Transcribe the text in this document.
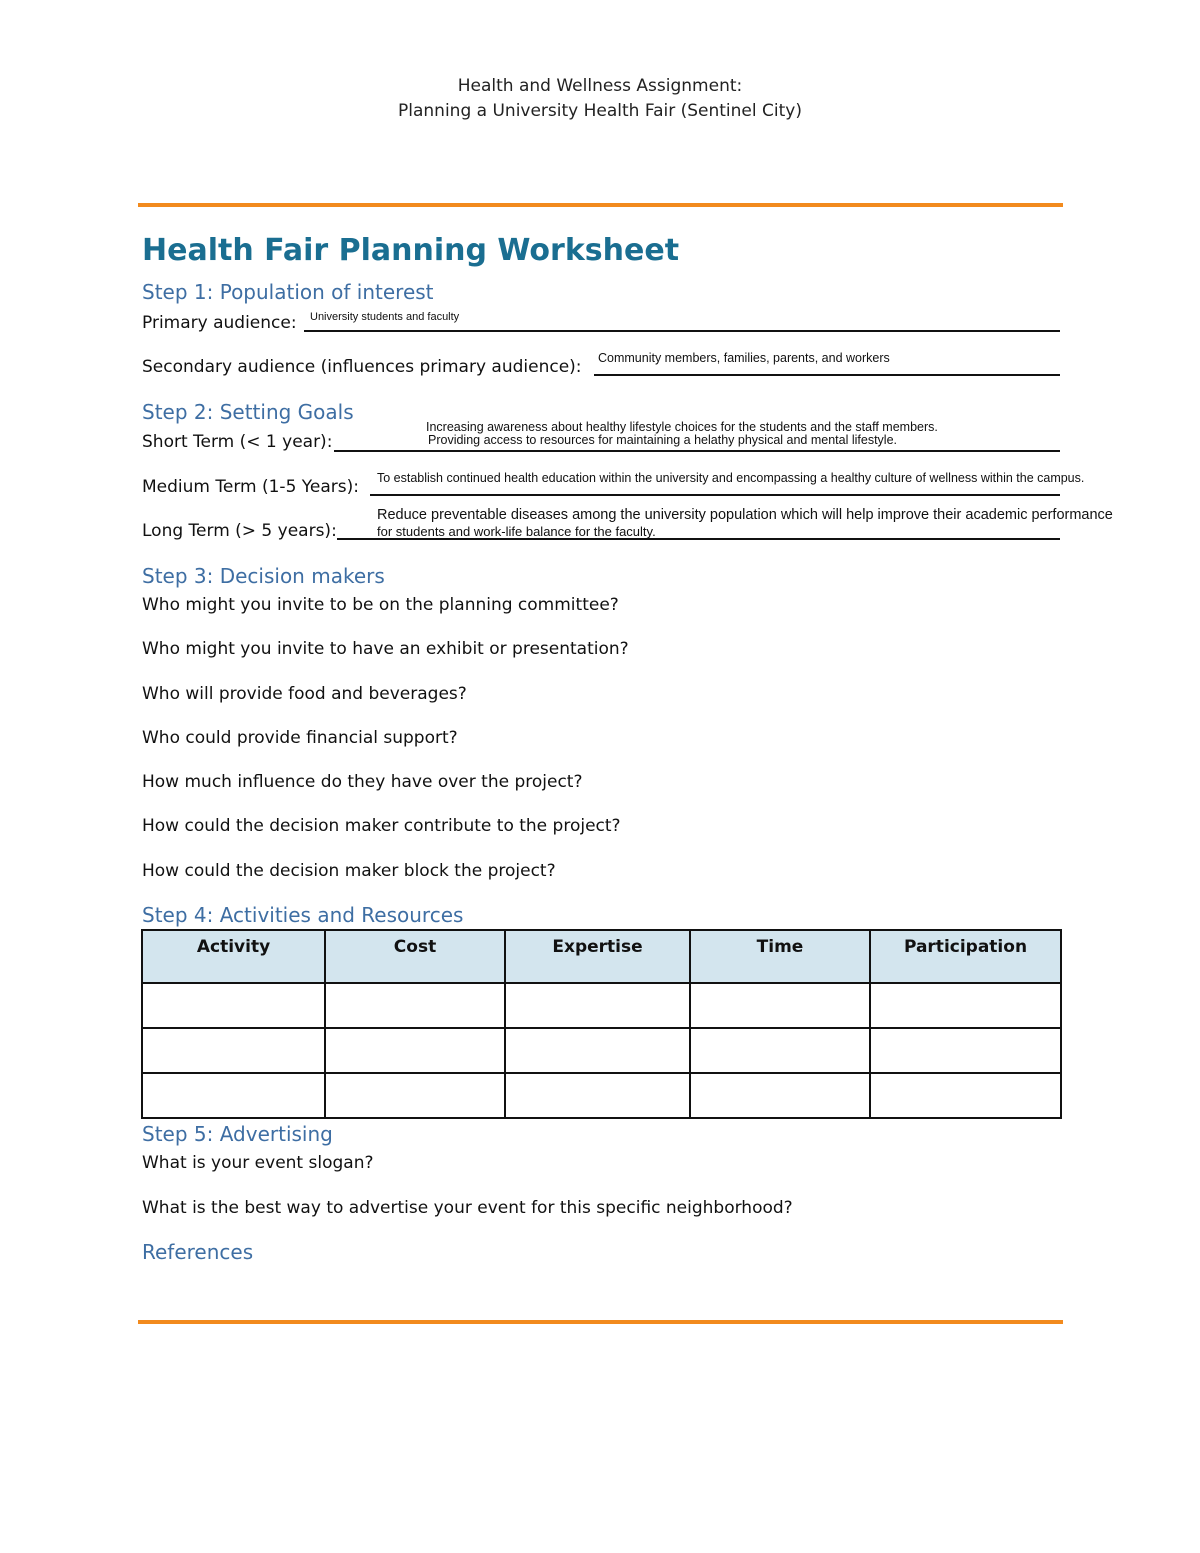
Health and Wellness Assignment:
Planning a University Health Fair (Sentinel City)
Health Fair Planning Worksheet
Step 1: Population of interest
Primary audience: University students and faculty
Secondary audience (influences primary audience): Community members, families, parents, and workers
Step 2: Setting Goals
Short Term (< 1 year):
Increasing awareness about healthy lifestyle choices for the students and the staff members.
Providing access to resources for maintaining a helathy physical and mental lifestyle.
Medium Term (1-5 Years): To establish continued health education within the university and encompassing a healthy culture of wellness within the campus.
Long Term (> 5 years):
Reduce preventable diseases among the university population which will help improve their academic performance
for students and work-life balance for the faculty.
Step 3: Decision makers
Who might you invite to be on the planning committee?
Who might you invite to have an exhibit or presentation?
Who will provide food and beverages?
Who could provide financial support?
How much influence do they have over the project?
How could the decision maker contribute to the project?
How could the decision maker block the project?
Step 4: Activities and Resources
Activity	Cost	Expertise	Time	Participation

Step 5: Advertising
What is your event slogan?
What is the best way to advertise your event for this specific neighborhood?
References
